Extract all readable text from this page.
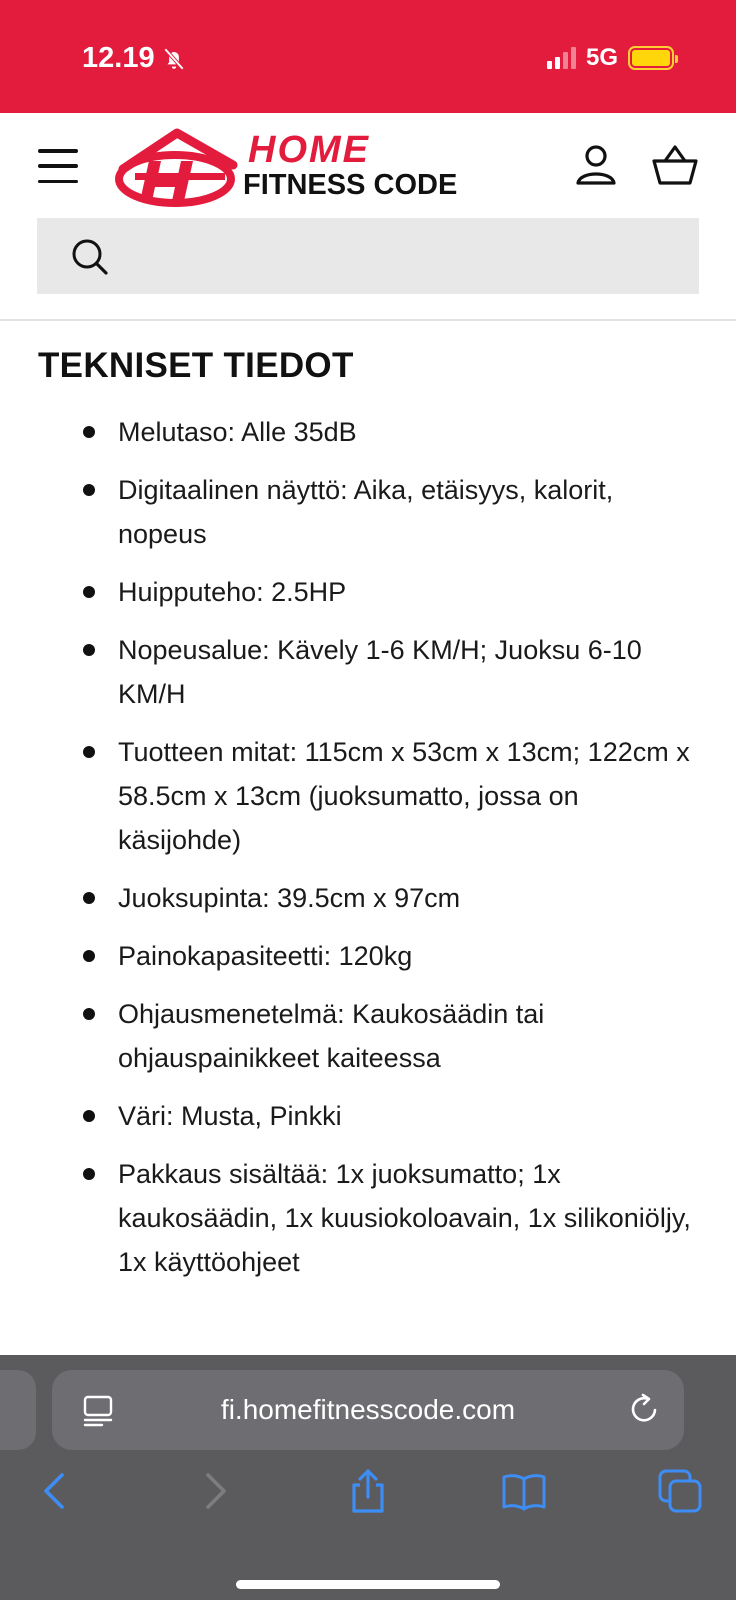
12.19	5G
HOME
FITNESS CODE
TEKNISET TIEDOT
Melutaso: Alle 35dB
Digitaalinen näyttö: Aika, etäisyys, kalorit, nopeus
Huipputeho: 2.5HP
Nopeusalue: Kävely 1-6 KM/H; Juoksu 6-10 KM/H
Tuotteen mitat: 115cm x 53cm x 13cm; 122cm x 58.5cm x 13cm (juoksumatto, jossa on käsijohde)
Juoksupinta: 39.5cm x 97cm
Painokapasiteetti: 120kg
Ohjausmenetelmä: Kaukosäädin tai ohjauspainikkeet kaiteessa
Väri: Musta, Pinkki
Pakkaus sisältää: 1x juoksumatto; 1x kaukosäädin, 1x kuusiokoloavain, 1x silikoniöljy, 1x käyttöohjeet
fi.homefitnesscode.com
